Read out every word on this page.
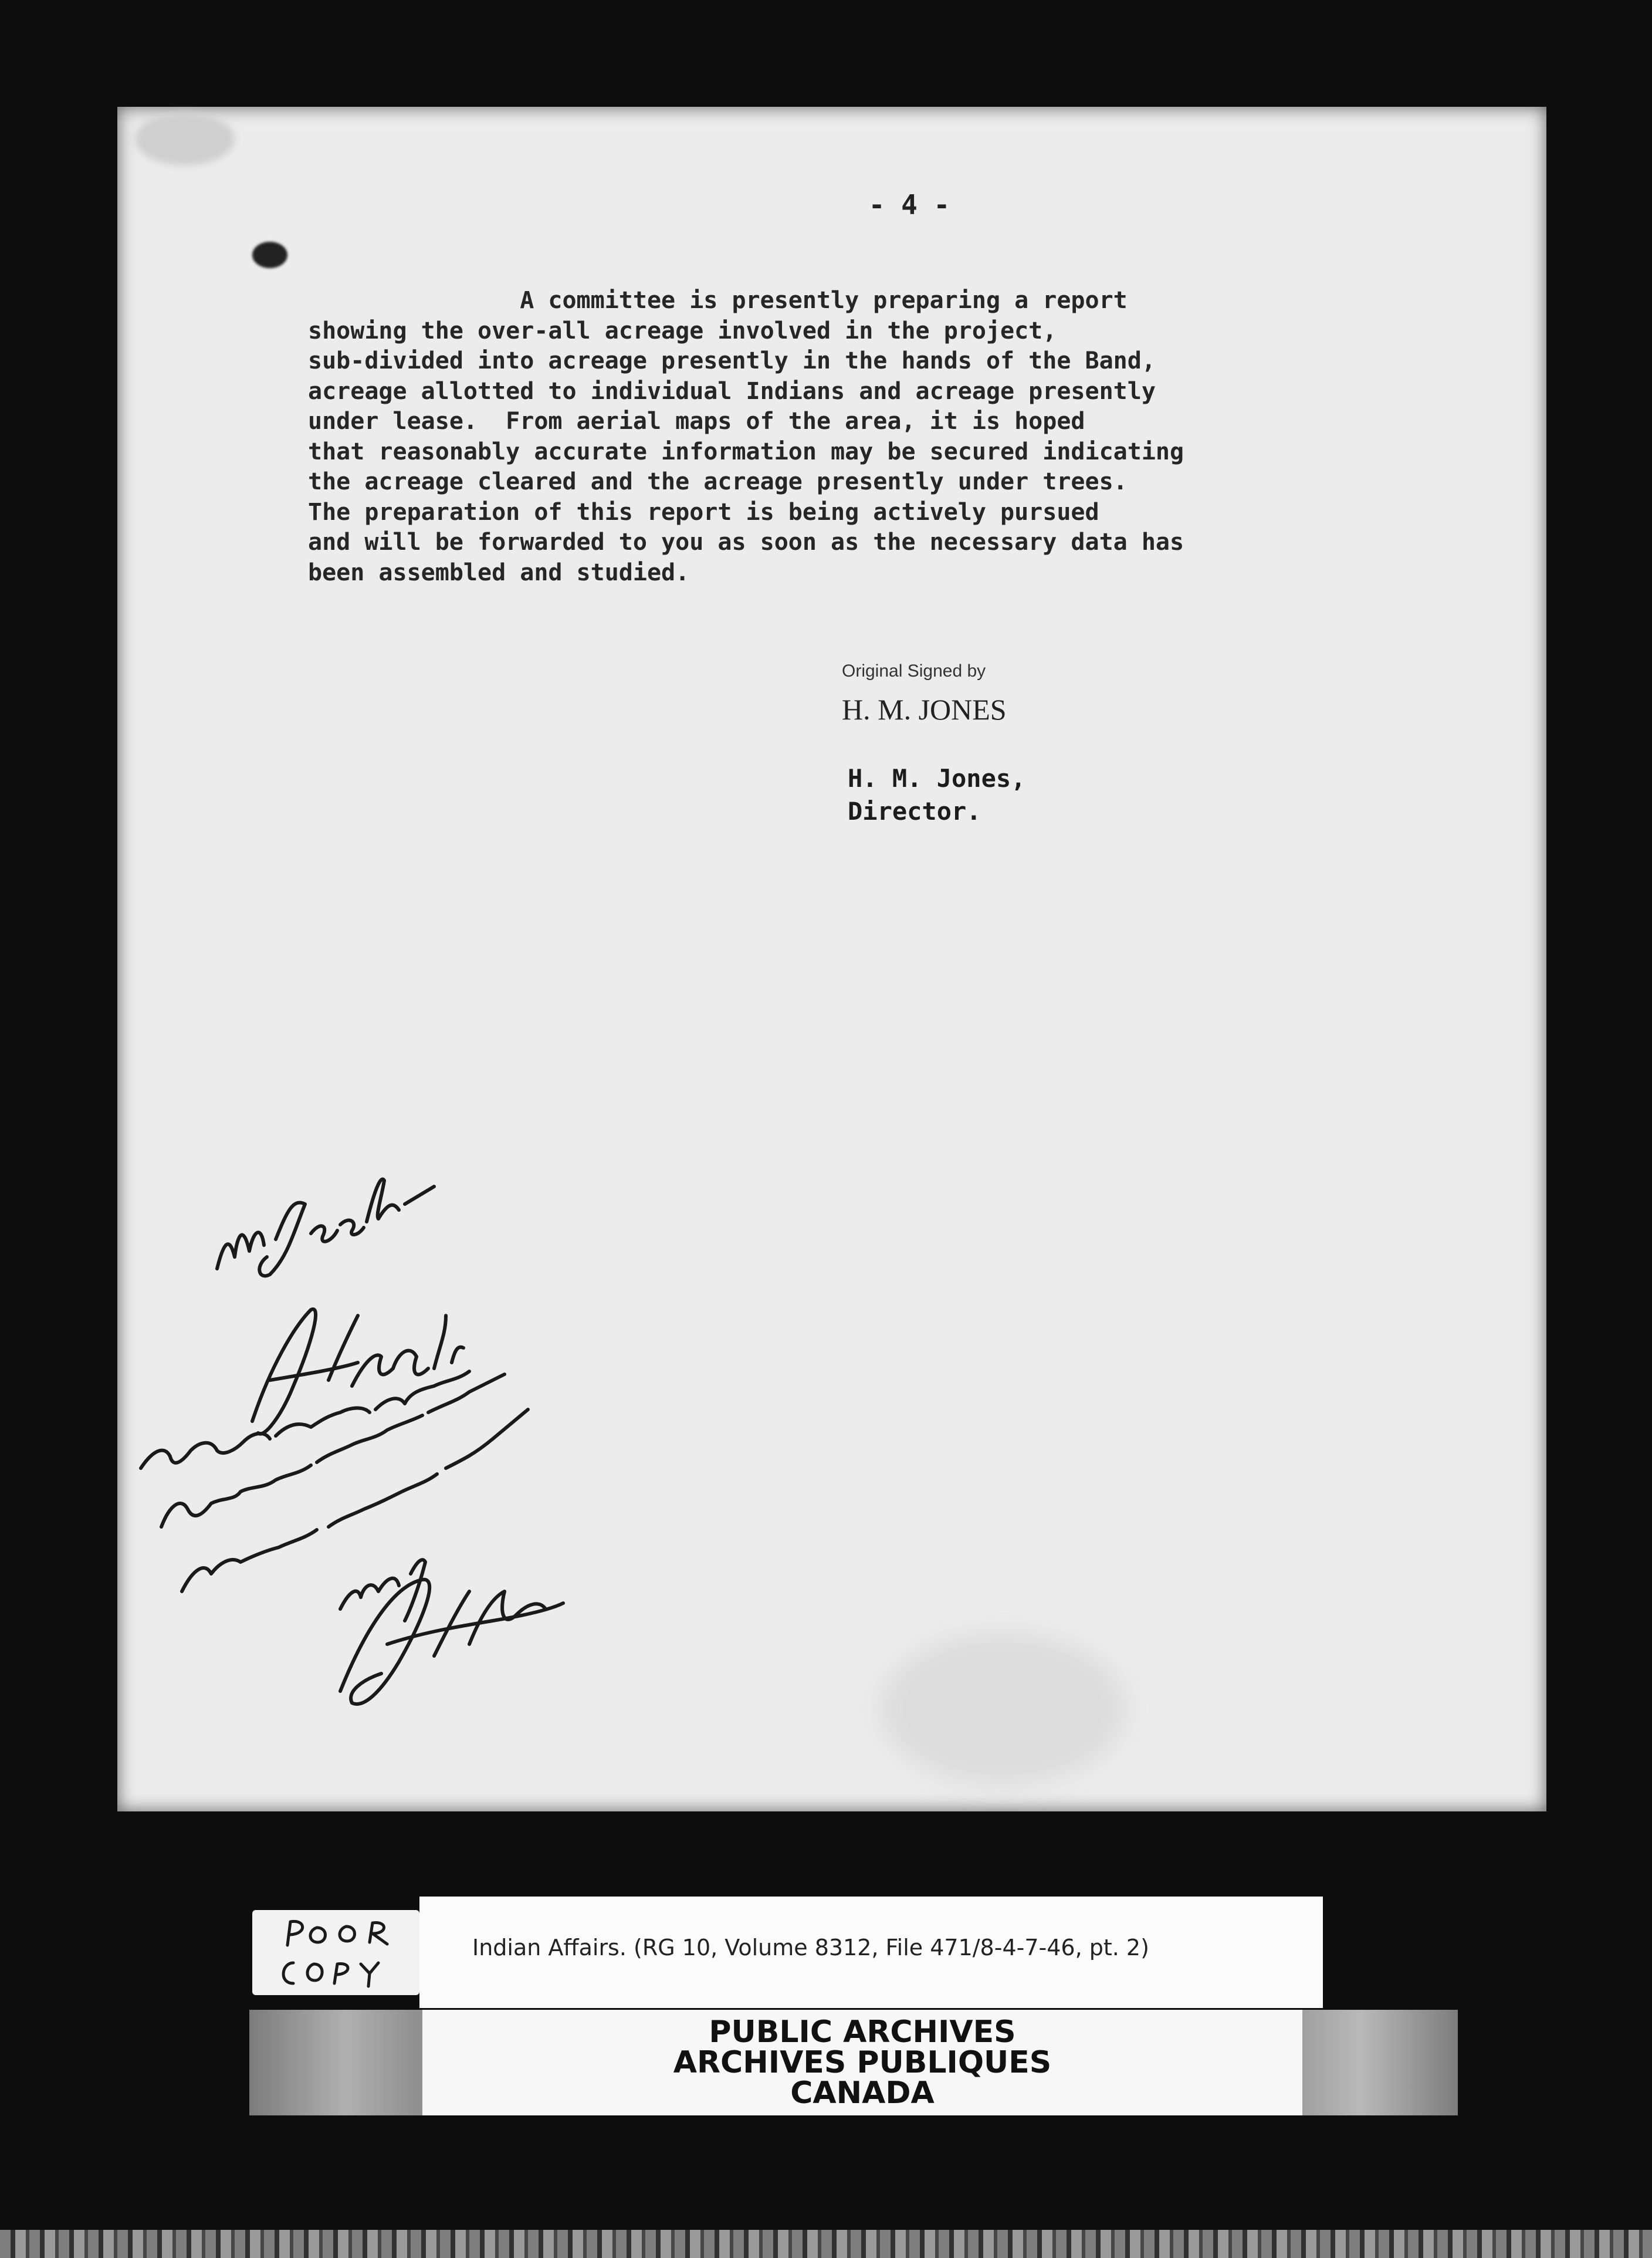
- 4 -
A committee is presently preparing a report
showing the over-all acreage involved in the project,
sub-divided into acreage presently in the hands of the Band,
acreage allotted to individual Indians and acreage presently
under lease.  From aerial maps of the area, it is hoped
that reasonably accurate information may be secured indicating
the acreage cleared and the acreage presently under trees.
The preparation of this report is being actively pursued
and will be forwarded to you as soon as the necessary data has
been assembled and studied.
Original Signed by
H. M. JONES
H. M. Jones,
Director.
Indian Affairs. (RG 10, Volume 8312, File 471/8-4-7-46, pt. 2)
PUBLIC ARCHIVES
ARCHIVES PUBLIQUES
CANADA
